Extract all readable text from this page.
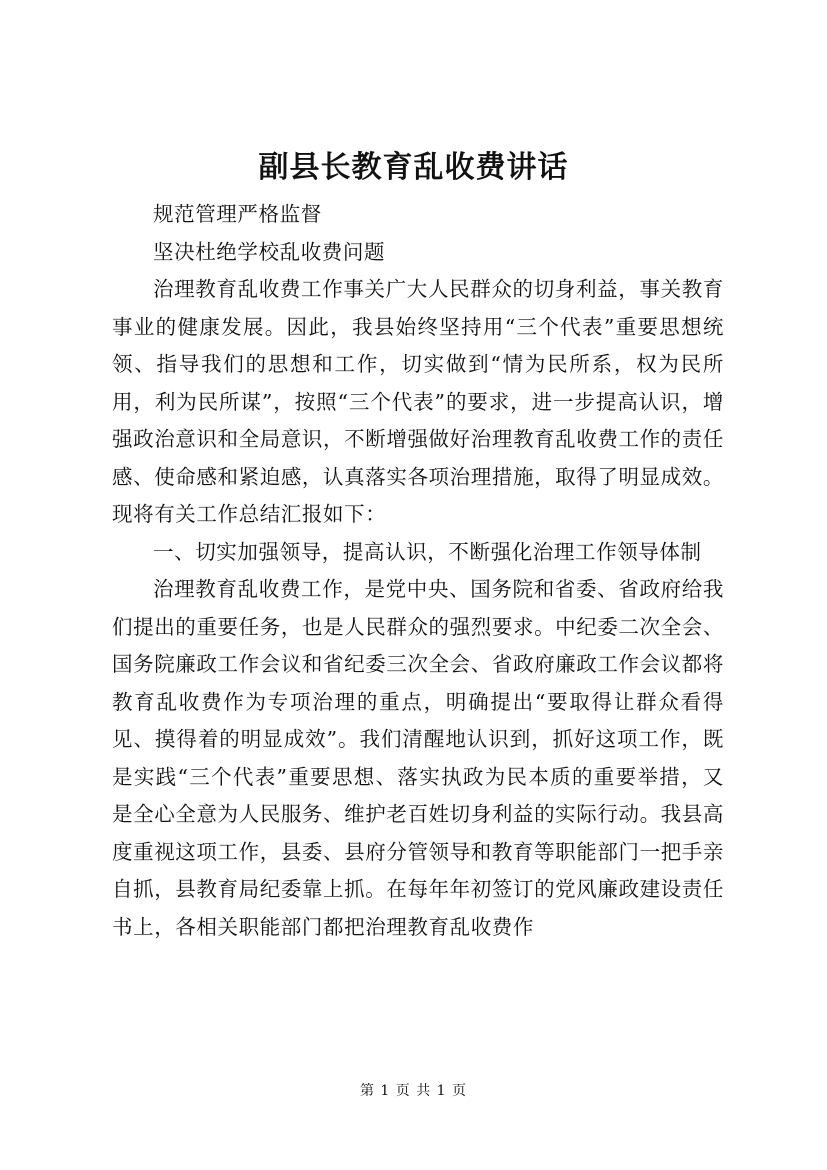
副县长教育乱收费讲话

规范管理严格监督

坚决杜绝学校乱收费问题

治理教育乱收费工作事关广大人民群众的切身利益，事关教育事业的健康发展。因此，我县始终坚持用“三个代表”重要思想统领、指导我们的思想和工作，切实做到“情为民所系，权为民所用，利为民所谋”，按照“三个代表”的要求，进一步提高认识，增强政治意识和全局意识，不断增强做好治理教育乱收费工作的责任感、使命感和紧迫感，认真落实各项治理措施，取得了明显成效。现将有关工作总结汇报如下：

一、切实加强领导，提高认识，不断强化治理工作领导体制

治理教育乱收费工作，是党中央、国务院和省委、省政府给我们提出的重要任务，也是人民群众的强烈要求。中纪委二次全会、国务院廉政工作会议和省纪委三次全会、省政府廉政工作会议都将教育乱收费作为专项治理的重点，明确提出“要取得让群众看得见、摸得着的明显成效”。我们清醒地认识到，抓好这项工作，既是实践“三个代表”重要思想、落实执政为民本质的重要举措，又是全心全意为人民服务、维护老百姓切身利益的实际行动。我县高度重视这项工作，县委、县府分管领导和教育等职能部门一把手亲自抓，县教育局纪委靠上抓。在每年年初签订的党风廉政建设责任书上，各相关职能部门都把治理教育乱收费作

第 1 页 共 1 页
